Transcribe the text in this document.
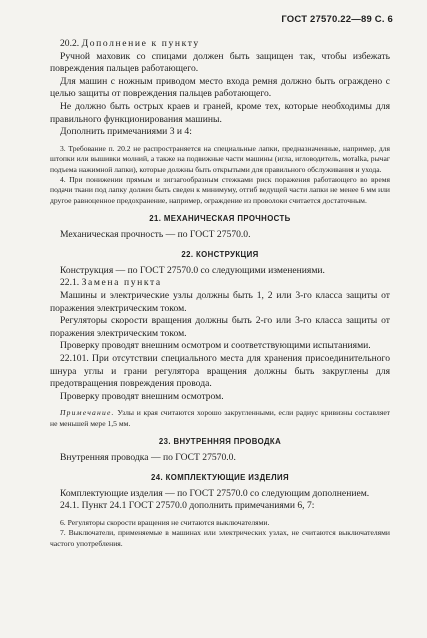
ГОСТ 27570.22—89 С. 6

20.2. Дополнение к пункту

Ручной маховик со спицами должен быть защищен так, чтобы избежать повреждения пальцев работающего.

Для машин с ножным приводом место входа ремня должно быть ограждено с целью защиты от повреждения пальцев работающего.

Не должно быть острых краев и граней, кроме тех, которые необходимы для правильного функционирования машины.

Дополнить примечаниями 3 и 4:

3. Требование п. 20.2 не распространяется на специальные лапки, предназначенные, например, для штопки или вышивки молний, а также на подвижные части машины (игла, игловодитель, мотalka, рычаг подъема нажимной лапки), которые должны быть открытыми для правильного обслуживания и ухода.

4. При понижении прямым и зигзагообразным стежками риск поражения работающего во время подачи ткани под лапку должен быть сведен к минимуму, отгиб ведущей части лапки не менее 6 мм или другое равноценное предохранение, например, ограждение из проволоки считается достаточным.

21. МЕХАНИЧЕСКАЯ ПРОЧНОСТЬ

Механическая прочность — по ГОСТ 27570.0.

22. КОНСТРУКЦИЯ

Конструкция — по ГОСТ 27570.0 со следующими изменениями.

22.1. Замена пункта

Машины и электрические узлы должны быть 1, 2 или 3-го класса защиты от поражения электрическим током.

Регуляторы скорости вращения должны быть 2-го или 3-го класса защиты от поражения электрическим током.

Проверку проводят внешним осмотром и соответствующими испытаниями.

22.101. При отсутствии специального места для хранения присоединительного шнура углы и грани регулятора вращения должны быть закруглены для предотвращения повреждения провода.

Проверку проводят внешним осмотром.

Примечание. Узлы и края считаются хорошо закругленными, если радиус кривизны составляет не меньшей мере 1,5 мм.

23. ВНУТРЕННЯЯ ПРОВОДКА

Внутренняя проводка — по ГОСТ 27570.0.

24. КОМПЛЕКТУЮЩИЕ ИЗДЕЛИЯ

Комплектующие изделия — по ГОСТ 27570.0 со следующим дополнением.

24.1. Пункт 24.1 ГОСТ 27570.0 дополнить примечаниями 6, 7:

6. Регуляторы скорости вращения не считаются выключателями.

7. Выключатели, применяемые в машинах или электрических узлах, не считаются выключателями частого употребления.
